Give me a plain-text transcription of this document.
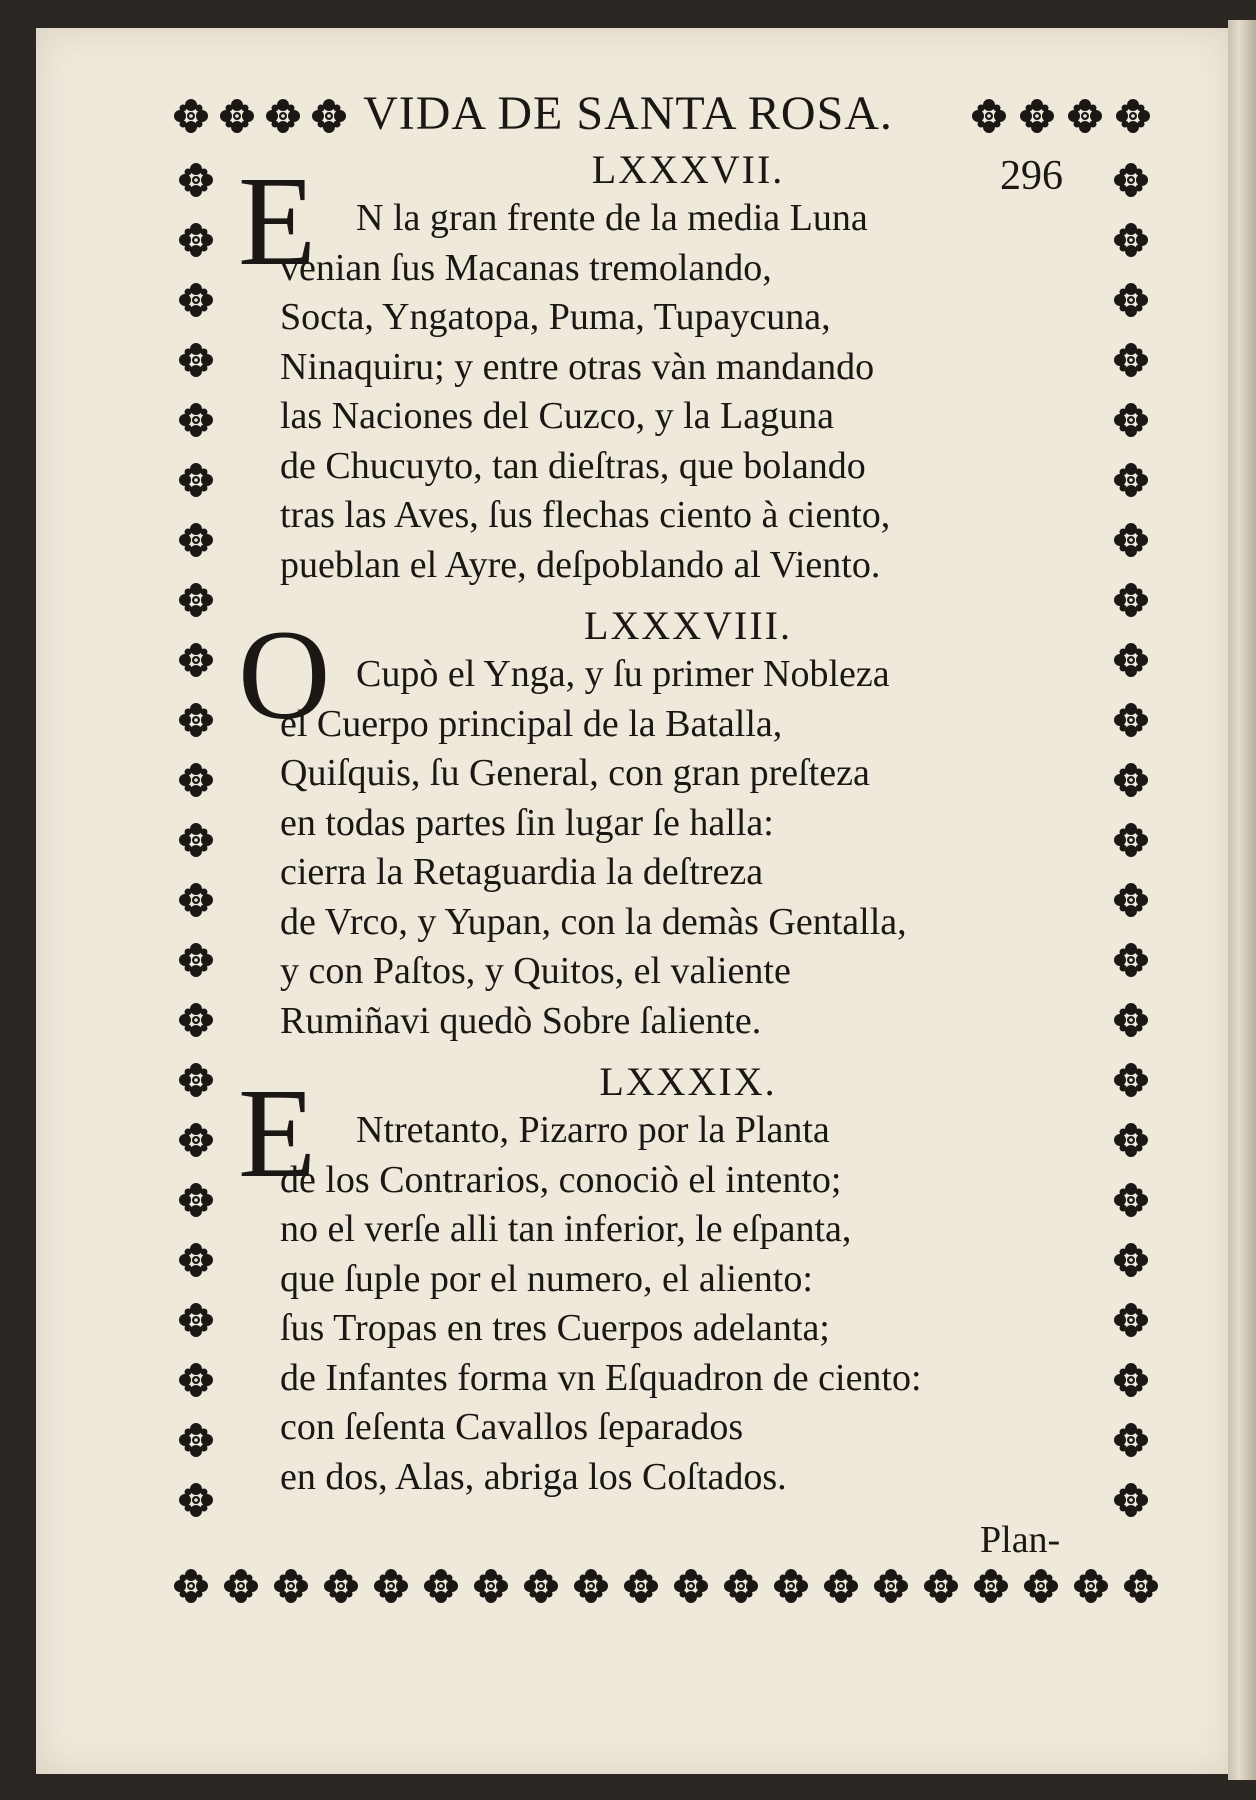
VIDA DE SANTA ROSA.
296
E	LXXXVII.
N la gran frente de la media Luna
venian ſus Macanas tremolando,
Socta, Yngatopa, Puma, Tupaycuna,
Ninaquiru; y entre otras vàn mandando
las Naciones del Cuzco, y la Laguna
de Chucuyto, tan dieſtras, que bolando
tras las Aves, ſus flechas ciento à ciento,
pueblan el Ayre, deſpoblando al Viento.
O	LXXXVIII.
Cupò el Ynga, y ſu primer Nobleza
el Cuerpo principal de la Batalla,
Quiſquis, ſu General, con gran preſteza
en todas partes ſin lugar ſe halla:
cierra la Retaguardia la deſtreza
de Vrco, y Yupan, con la demàs Gentalla,
y con Paſtos, y Quitos, el valiente
Rumiñavi quedò Sobre ſaliente.
E	LXXXIX.
Ntretanto, Pizarro por la Planta
de los Contrarios, conociò el intento;
no el verſe alli tan inferior, le eſpanta,
que ſuple por el numero, el aliento:
ſus Tropas en tres Cuerpos adelanta;
de Infantes forma vn Eſquadron de ciento:
con ſeſenta Cavallos ſeparados
en dos, Alas, abriga los Coſtados.
Plan-
